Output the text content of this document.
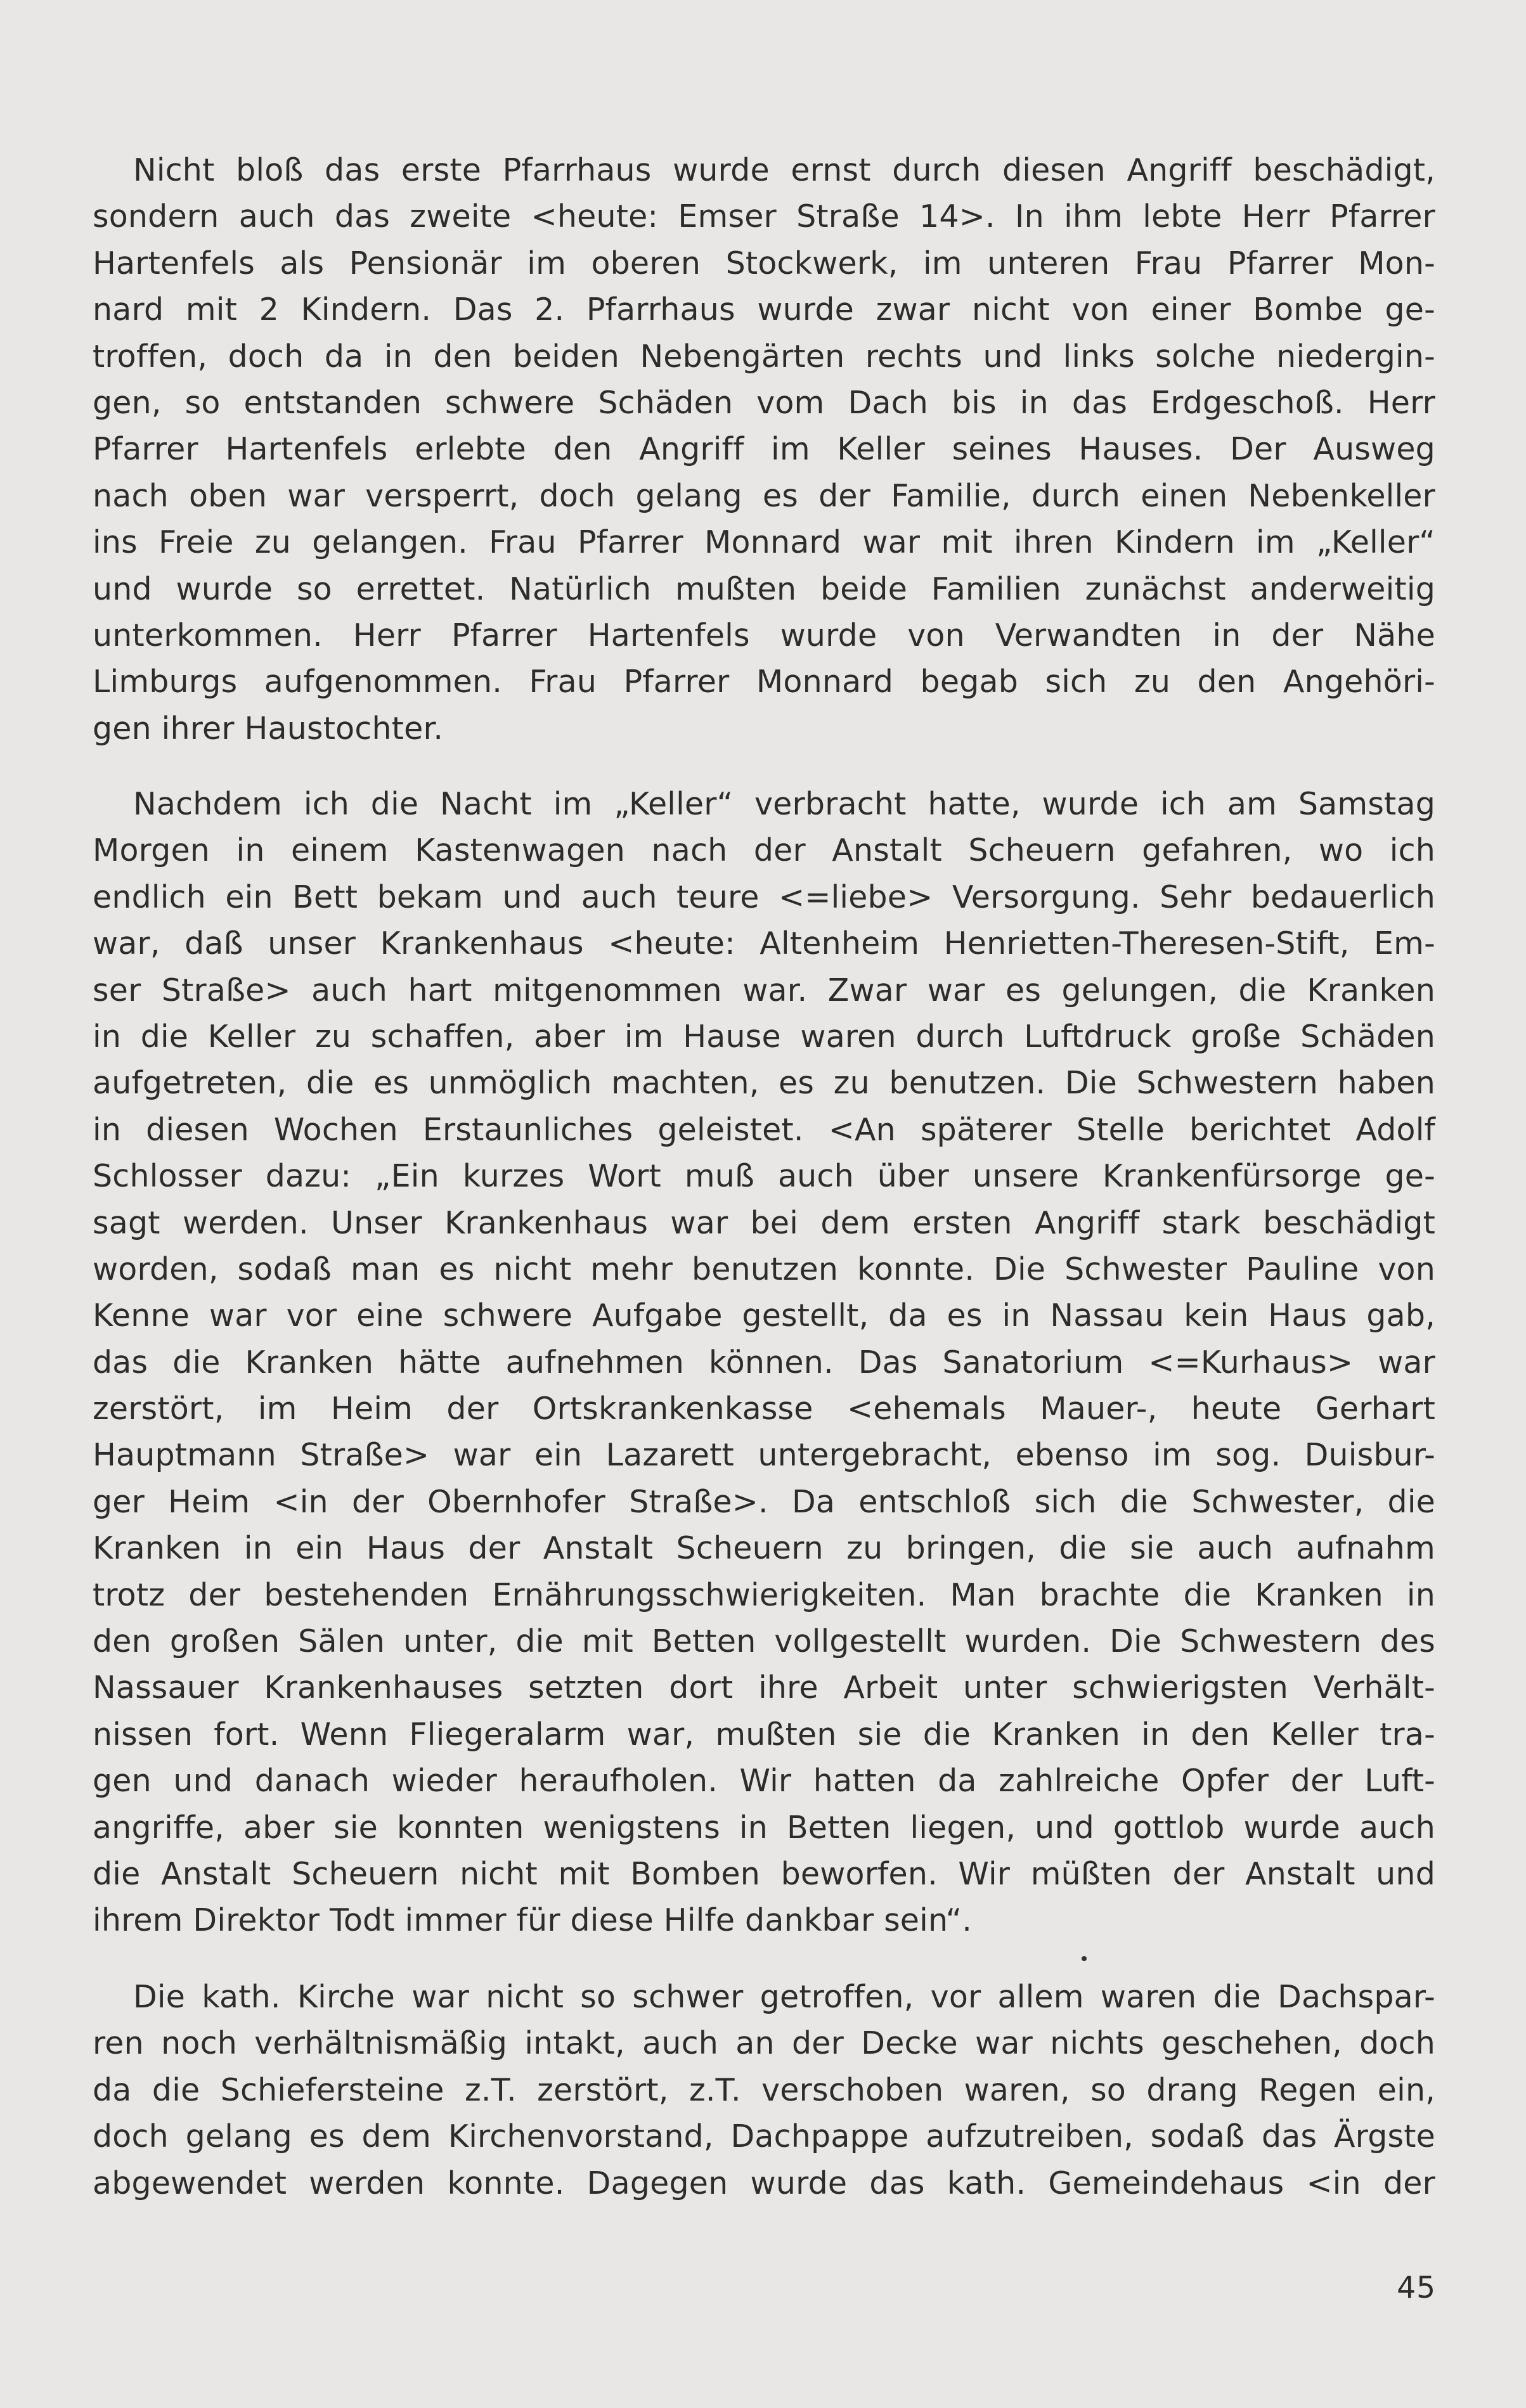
Nicht bloß das erste Pfarrhaus wurde ernst durch diesen Angriff beschädigt,
sondern auch das zweite <heute: Emser Straße 14>. In ihm lebte Herr Pfarrer
Hartenfels als Pensionär im oberen Stockwerk, im unteren Frau Pfarrer Mon-
nard mit 2 Kindern. Das 2. Pfarrhaus wurde zwar nicht von einer Bombe ge-
troffen, doch da in den beiden Nebengärten rechts und links solche niedergin-
gen, so entstanden schwere Schäden vom Dach bis in das Erdgeschoß. Herr
Pfarrer Hartenfels erlebte den Angriff im Keller seines Hauses. Der Ausweg
nach oben war versperrt, doch gelang es der Familie, durch einen Nebenkeller
ins Freie zu gelangen. Frau Pfarrer Monnard war mit ihren Kindern im „Keller“
und wurde so errettet. Natürlich mußten beide Familien zunächst anderweitig
unterkommen. Herr Pfarrer Hartenfels wurde von Verwandten in der Nähe
Limburgs aufgenommen. Frau Pfarrer Monnard begab sich zu den Angehöri-
gen ihrer Haustochter.
Nachdem ich die Nacht im „Keller“ verbracht hatte, wurde ich am Samstag
Morgen in einem Kastenwagen nach der Anstalt Scheuern gefahren, wo ich
endlich ein Bett bekam und auch teure <=liebe> Versorgung. Sehr bedauerlich
war, daß unser Krankenhaus <heute: Altenheim Henrietten-Theresen-Stift, Em-
ser Straße> auch hart mitgenommen war. Zwar war es gelungen, die Kranken
in die Keller zu schaffen, aber im Hause waren durch Luftdruck große Schäden
aufgetreten, die es unmöglich machten, es zu benutzen. Die Schwestern haben
in diesen Wochen Erstaunliches geleistet. <An späterer Stelle berichtet Adolf
Schlosser dazu: „Ein kurzes Wort muß auch über unsere Krankenfürsorge ge-
sagt werden. Unser Krankenhaus war bei dem ersten Angriff stark beschädigt
worden, sodaß man es nicht mehr benutzen konnte. Die Schwester Pauline von
Kenne war vor eine schwere Aufgabe gestellt, da es in Nassau kein Haus gab,
das die Kranken hätte aufnehmen können. Das Sanatorium <=Kurhaus> war
zerstört, im Heim der Ortskrankenkasse <ehemals Mauer-, heute Gerhart
Hauptmann Straße> war ein Lazarett untergebracht, ebenso im sog. Duisbur-
ger Heim <in der Obernhofer Straße>. Da entschloß sich die Schwester, die
Kranken in ein Haus der Anstalt Scheuern zu bringen, die sie auch aufnahm
trotz der bestehenden Ernährungsschwierigkeiten. Man brachte die Kranken in
den großen Sälen unter, die mit Betten vollgestellt wurden. Die Schwestern des
Nassauer Krankenhauses setzten dort ihre Arbeit unter schwierigsten Verhält-
nissen fort. Wenn Fliegeralarm war, mußten sie die Kranken in den Keller tra-
gen und danach wieder heraufholen. Wir hatten da zahlreiche Opfer der Luft-
angriffe, aber sie konnten wenigstens in Betten liegen, und gottlob wurde auch
die Anstalt Scheuern nicht mit Bomben beworfen. Wir müßten der Anstalt und
ihrem Direktor Todt immer für diese Hilfe dankbar sein“.
Die kath. Kirche war nicht so schwer getroffen, vor allem waren die Dachspar-
ren noch verhältnismäßig intakt, auch an der Decke war nichts geschehen, doch
da die Schiefersteine z.T. zerstört, z.T. verschoben waren, so drang Regen ein,
doch gelang es dem Kirchenvorstand, Dachpappe aufzutreiben, sodaß das Ärgste
abgewendet werden konnte. Dagegen wurde das kath. Gemeindehaus <in der
45
